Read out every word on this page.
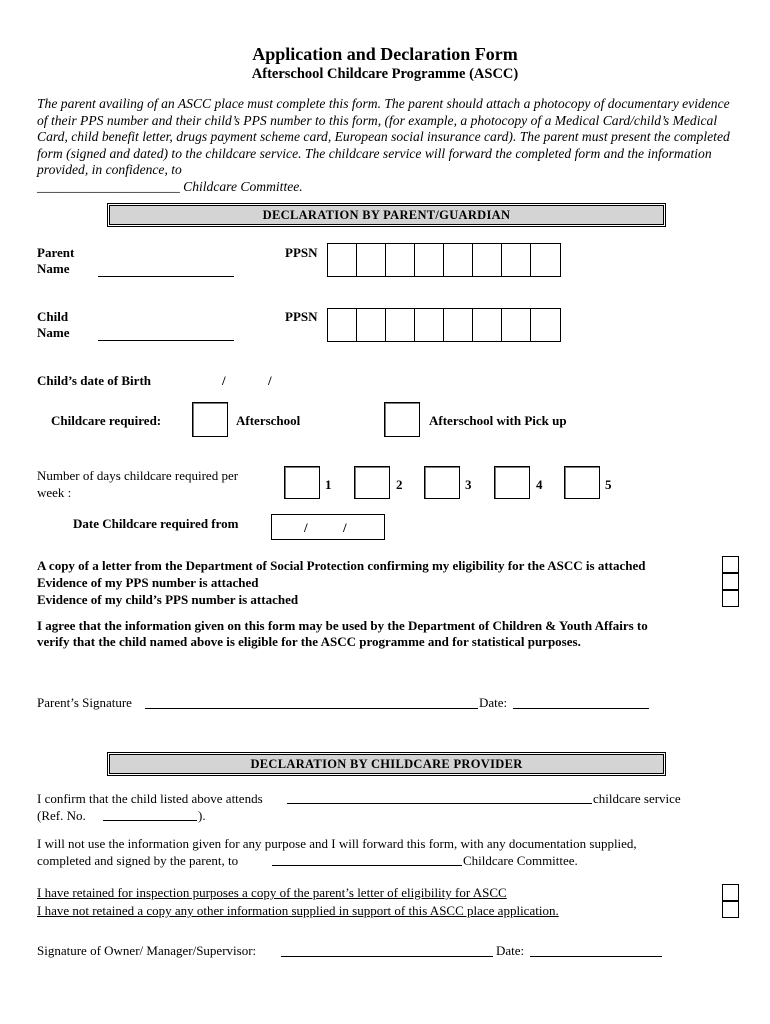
Application and Declaration Form
Afterschool Childcare Programme (ASCC)
The parent availing of an ASCC place must complete this form. The parent should attach a photocopy of documentary evidence of their PPS number and their child’s PPS number to this form, (for example, a photocopy of a Medical Card/child’s Medical Card, child benefit letter, drugs payment scheme card, European social insurance card). The parent must present the completed form (signed and dated) to the childcare service. The childcare service will forward the completed form and the information provided, in confidence, to
_____________________ Childcare Committee.
DECLARATION BY PARENT/GUARDIAN
Parent
Name
PPSN
Child
Name
PPSN
Child’s date of Birth	/	/
Childcare required:	Afterschool	Afterschool with Pick up
Number of days childcare required per
week :
1	2	3	4	5
Date Childcare required from	/	/
A copy of a letter from the Department of Social Protection confirming my eligibility for the ASCC is attached
Evidence of my PPS number is attached
Evidence of my child’s PPS number is attached
I agree that the information given on this form may be used by the Department of Children & Youth Affairs to
verify that the child named above is eligible for the ASCC programme and for statistical purposes.
Parent’s Signature	Date:
DECLARATION BY CHILDCARE PROVIDER
I confirm that the child listed above attends	childcare service
(Ref. No.	).
I will not use the information given for any purpose and I will forward this form, with any documentation supplied,
completed and signed by the parent, to	Childcare Committee.
I have retained for inspection purposes a copy of the parent’s letter of eligibility for ASCC
I have not retained a copy any other information supplied in support of this ASCC place application.
Signature of Owner/ Manager/Supervisor:	Date:
